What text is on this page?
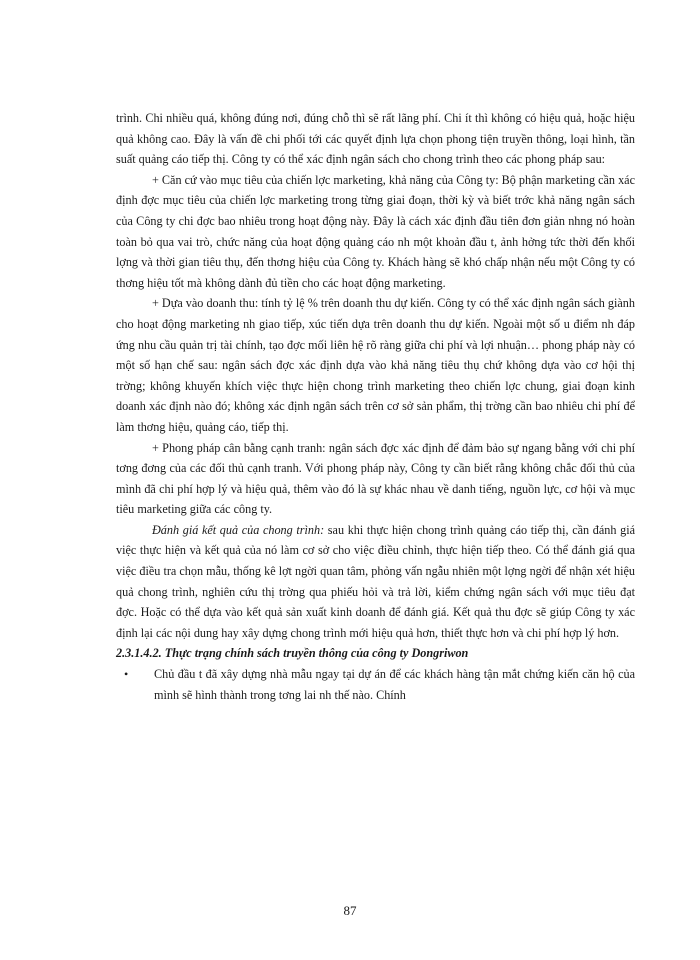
trình. Chi nhiều quá, không đúng nơi, đúng chỗ thì sẽ rất lãng phí. Chi ít thì không có hiệu quả, hoặc hiệu quả không cao. Đây là vấn đề chi phối tới các quyết định lựa chọn phong tiện truyền thông, loại hình, tần suất quảng cáo tiếp thị. Công ty có thể xác định ngân sách cho chong trình theo các phong pháp sau:

+ Căn cứ vào mục tiêu của chiến lợc marketing, khả năng của Công ty: Bộ phận marketing cần xác định đợc mục tiêu của chiến lợc marketing trong từng giai đoạn, thời kỳ và biết trớc khả năng ngân sách của Công ty chi đợc bao nhiêu trong hoạt động này. Đây là cách xác định đầu tiên đơn giản nhng nó hoàn toàn bỏ qua vai trò, chức năng của hoạt động quảng cáo nh một khoản đầu t, ảnh hởng tức thời đến khối lợng và thời gian tiêu thụ, đến thơng hiệu của Công ty. Khách hàng sẽ khó chấp nhận nếu một Công ty có thơng hiệu tốt mà không dành đủ tiền cho các hoạt động marketing.

+ Dựa vào doanh thu: tính tỷ lệ % trên doanh thu dự kiến. Công ty có thể xác định ngân sách giành cho hoạt động marketing nh giao tiếp, xúc tiến dựa trên doanh thu dự kiến. Ngoài một số u điểm nh đáp ứng nhu cầu quản trị tài chính, tạo đợc mối liên hệ rõ ràng giữa chi phí và lợi nhuận… phong pháp này có một số hạn chế sau: ngân sách đợc xác định dựa vào khả năng tiêu thụ chứ không dựa vào cơ hội thị trờng; không khuyến khích việc thực hiện chong trình marketing theo chiến lợc chung, giai đoạn kinh doanh xác định nào đó; không xác định ngân sách trên cơ sở sản phẩm, thị trờng cần bao nhiêu chi phí để làm thơng hiệu, quảng cáo, tiếp thị.

+ Phong pháp cân bằng cạnh tranh: ngân sách đợc xác định để đảm bảo sự ngang bằng với chi phí tơng đơng của các đối thủ cạnh tranh. Với phong pháp này, Công ty cần biết rằng không chắc đối thủ của mình đã chi phí hợp lý và hiệu quả, thêm vào đó là sự khác nhau về danh tiếng, nguồn lực, cơ hội và mục tiêu marketing giữa các công ty.

Đánh giá kết quả của chong trình: sau khi thực hiện chong trình quảng cáo tiếp thị, cần đánh giá việc thực hiện và kết quả của nó làm cơ sở cho việc điều chỉnh, thực hiện tiếp theo. Có thể đánh giá qua việc điều tra chọn mẫu, thống kê lợt ngời quan tâm, phỏng vấn ngẫu nhiên một lợng ngời để nhận xét hiệu quả chong trình, nghiên cứu thị trờng qua phiếu hỏi và trả lời, kiểm chứng ngân sách với mục tiêu đạt đợc. Hoặc có thể dựa vào kết quả sản xuất kinh doanh để đánh giá. Kết quả thu đợc sẽ giúp Công ty xác định lại các nội dung hay xây dựng chong trình mới hiệu quả hơn, thiết thực hơn và chi phí hợp lý hơn.

2.3.1.4.2. Thực trạng chính sách truyền thông của công ty Dongriwon

•	Chủ đầu t đã xây dựng nhà mẫu ngay tại dự án để các khách hàng tận mắt chứng kiến căn hộ của mình sẽ hình thành trong tơng lai nh thế nào. Chính

87
